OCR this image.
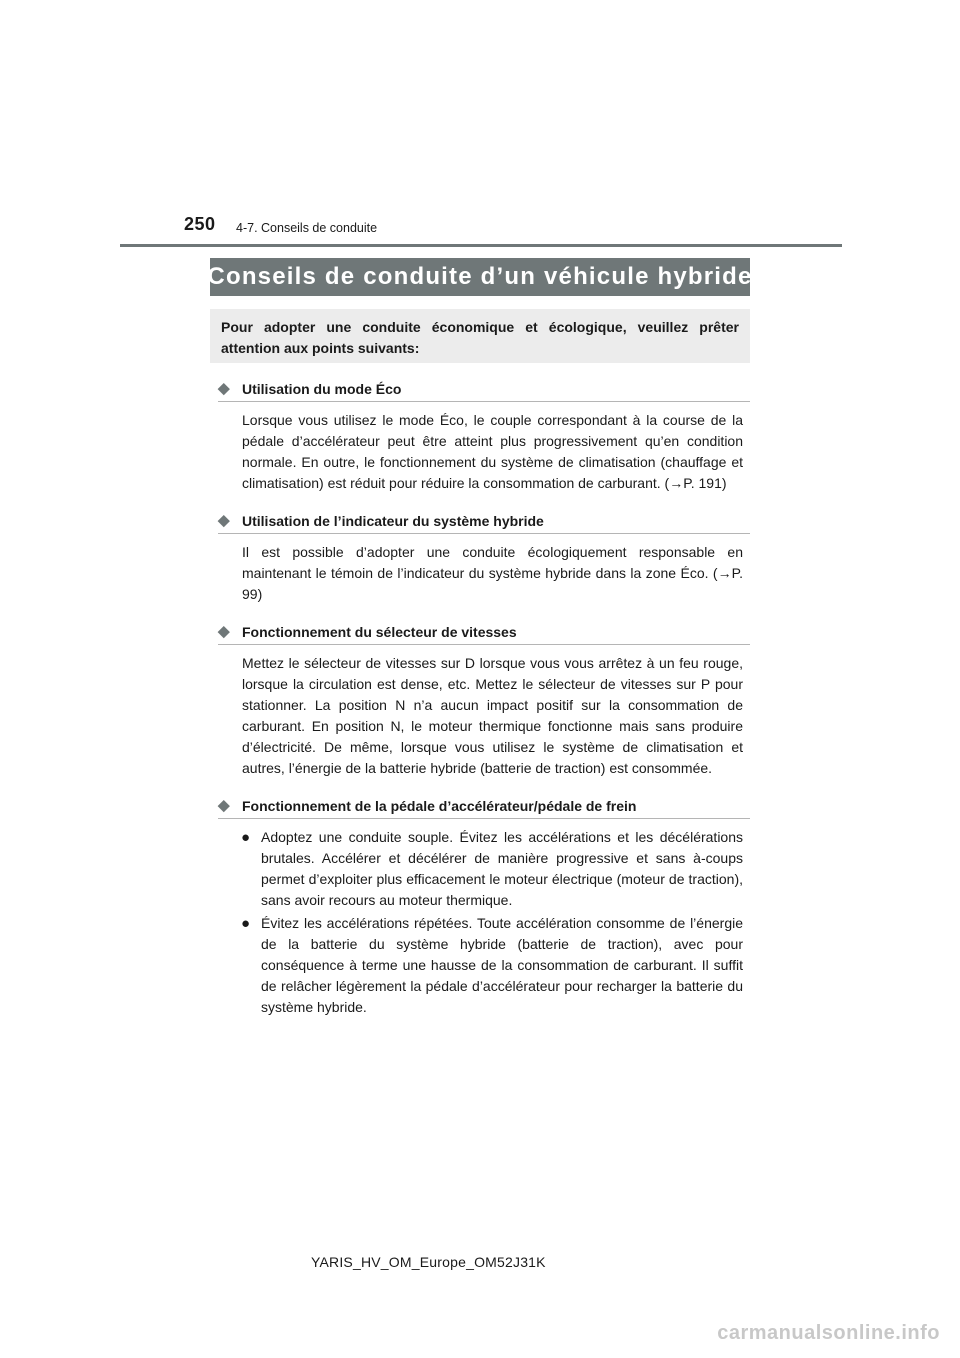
250 4-7. Conseils de conduite
Conseils de conduite d’un véhicule hybride
Pour adopter une conduite économique et écologique, veuillez prêter attention aux points suivants:
◆ Utilisation du mode Éco
Lorsque vous utilisez le mode Éco, le couple correspondant à la course de la pédale d’accélérateur peut être atteint plus progressivement qu’en condition normale. En outre, le fonctionnement du système de climatisation (chauffage et climatisation) est réduit pour réduire la consommation de carburant. (→P. 191)
◆ Utilisation de l’indicateur du système hybride
Il est possible d’adopter une conduite écologiquement responsable en maintenant le témoin de l’indicateur du système hybride dans la zone Éco. (→P. 99)
◆ Fonctionnement du sélecteur de vitesses
Mettez le sélecteur de vitesses sur D lorsque vous vous arrêtez à un feu rouge, lorsque la circulation est dense, etc. Mettez le sélecteur de vitesses sur P pour stationner. La position N n’a aucun impact positif sur la consommation de carburant. En position N, le moteur thermique fonctionne mais sans produire d’électricité. De même, lorsque vous utilisez le système de climatisation et autres, l’énergie de la batterie hybride (batterie de traction) est consommée.
◆ Fonctionnement de la pédale d’accélérateur/pédale de frein
● Adoptez une conduite souple. Évitez les accélérations et les décélérations brutales. Accélérer et décélérer de manière progressive et sans à-coups permet d’exploiter plus efficacement le moteur électrique (moteur de traction), sans avoir recours au moteur thermique.
● Évitez les accélérations répétées. Toute accélération consomme de l’énergie de la batterie du système hybride (batterie de traction), avec pour conséquence à terme une hausse de la consommation de carburant. Il suffit de relâcher légèrement la pédale d’accélérateur pour recharger la batterie du système hybride.
YARIS_HV_OM_Europe_OM52J31K
carmanualsonline.info
